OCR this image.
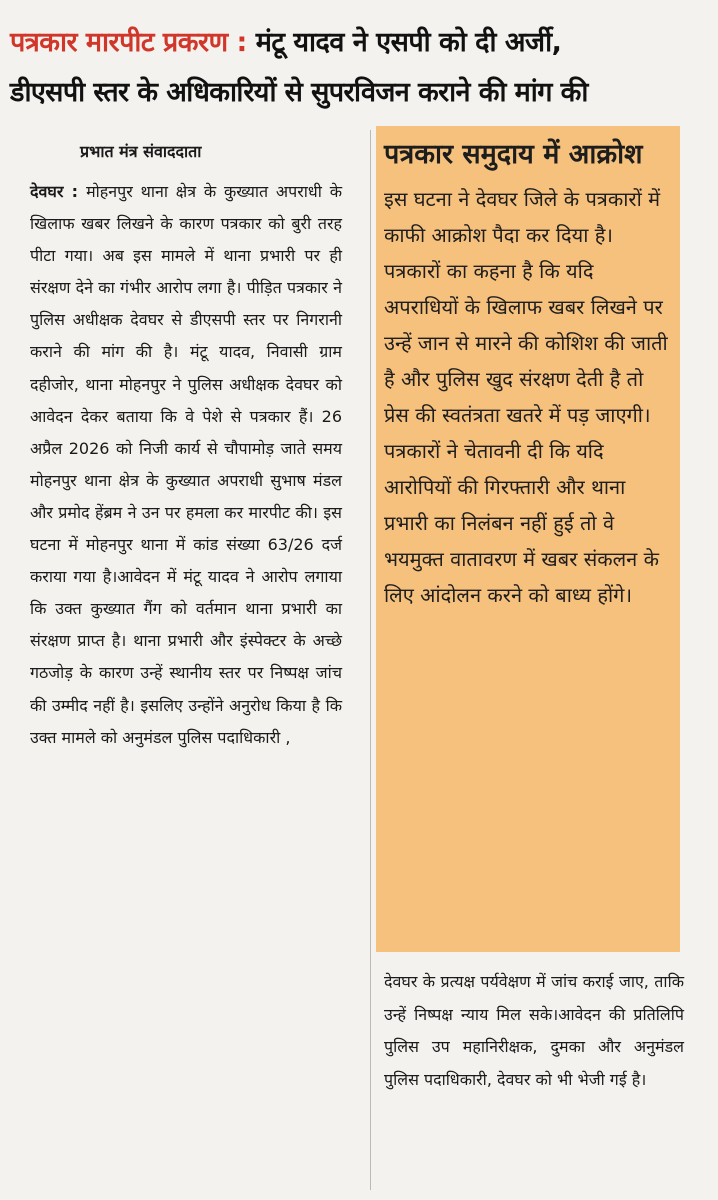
पत्रकार मारपीट प्रकरण : मंटू यादव ने एसपी को दी अर्जी,
डीएसपी स्तर के अधिकारियों से सुपरविजन कराने की मांग की
प्रभात मंत्र संवाददाता
देवघर : मोहनपुर थाना क्षेत्र के कुख्यात अपराधी के खिलाफ खबर लिखने के कारण पत्रकार को बुरी तरह पीटा गया। अब इस मामले में थाना प्रभारी पर ही संरक्षण देने का गंभीर आरोप लगा है। पीड़ित पत्रकार ने पुलिस अधीक्षक देवघर से डीएसपी स्तर पर निगरानी कराने की मांग की है। मंटू यादव, निवासी ग्राम दहीजोर, थाना मोहनपुर ने पुलिस अधीक्षक देवघर को आवेदन देकर बताया कि वे पेशे से पत्रकार हैं। 26 अप्रैल 2026 को निजी कार्य से चौपामोड़ जाते समय मोहनपुर थाना क्षेत्र के कुख्यात अपराधी सुभाष मंडल और प्रमोद हेंब्रम ने उन पर हमला कर मारपीट की। इस घटना में मोहनपुर थाना में कांड संख्या 63/26 दर्ज कराया गया है।आवेदन में मंटू यादव ने आरोप लगाया कि उक्त कुख्यात गैंग को वर्तमान थाना प्रभारी का संरक्षण प्राप्त है। थाना प्रभारी और इंस्पेक्टर के अच्छे गठजोड़ के कारण उन्हें स्थानीय स्तर पर निष्पक्ष जांच की उम्मीद नहीं है। इसलिए उन्होंने अनुरोध किया है कि उक्त मामले को अनुमंडल पुलिस पदाधिकारी ,
पत्रकार समुदाय में आक्रोश
इस घटना ने देवघर जिले के पत्रकारों में काफी आक्रोश पैदा कर दिया है। पत्रकारों का कहना है कि यदि अपराधियों के खिलाफ खबर लिखने पर उन्हें जान से मारने की कोशिश की जाती है और पुलिस खुद संरक्षण देती है तो प्रेस की स्वतंत्रता खतरे में पड़ जाएगी। पत्रकारों ने चेतावनी दी कि यदि आरोपियों की गिरफ्तारी और थाना प्रभारी का निलंबन नहीं हुई तो वे भयमुक्त वातावरण में खबर संकलन के लिए आंदोलन करने को बाध्य होंगे।
देवघर के प्रत्यक्ष पर्यवेक्षण में जांच कराई जाए, ताकि उन्हें निष्पक्ष न्याय मिल सके।आवेदन की प्रतिलिपि पुलिस उप महानिरीक्षक, दुमका और अनुमंडल पुलिस पदाधिकारी, देवघर को भी भेजी गई है।
